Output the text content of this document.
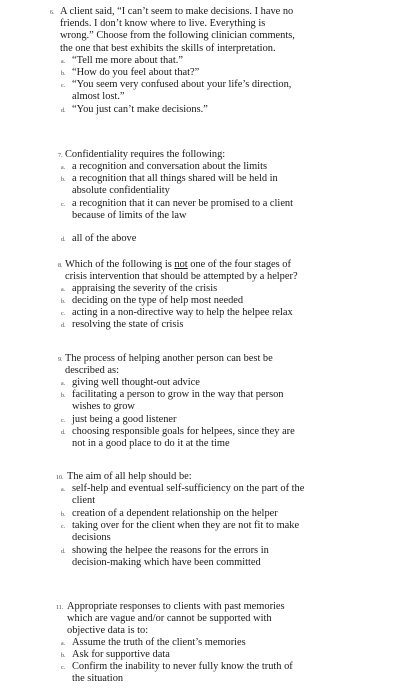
6. A client said, “I can’t seem to make decisions. I have no
friends. I don’t know where to live. Everything is
wrong.” Choose from the following clinician comments,
the one that best exhibits the skills of interpretation.
a. “Tell me more about that.”
b. “How do you feel about that?”
c. “You seem very confused about your life’s direction,
almost lost.”
d. “You just can’t make decisions.”
7. Confidentiality requires the following:
a. a recognition and conversation about the limits
b. a recognition that all things shared will be held in
absolute confidentiality
c. a recognition that it can never be promised to a client
because of limits of the law
d. all of the above
8. Which of the following is not one of the four stages of
crisis intervention that should be attempted by a helper?
a. appraising the severity of the crisis
b. deciding on the type of help most needed
c. acting in a non-directive way to help the helpee relax
d. resolving the state of crisis
9. The process of helping another person can best be
described as:
a. giving well thought-out advice
b. facilitating a person to grow in the way that person
wishes to grow
c. just being a good listener
d. choosing responsible goals for helpees, since they are
not in a good place to do it at the time
10. The aim of all help should be:
a. self-help and eventual self-sufficiency on the part of the
client
b. creation of a dependent relationship on the helper
c. taking over for the client when they are not fit to make
decisions
d. showing the helpee the reasons for the errors in
decision-making which have been committed
11. Appropriate responses to clients with past memories
which are vague and/or cannot be supported with
objective data is to:
a. Assume the truth of the client’s memories
b. Ask for supportive data
c. Confirm the inability to never fully know the truth of
the situation
